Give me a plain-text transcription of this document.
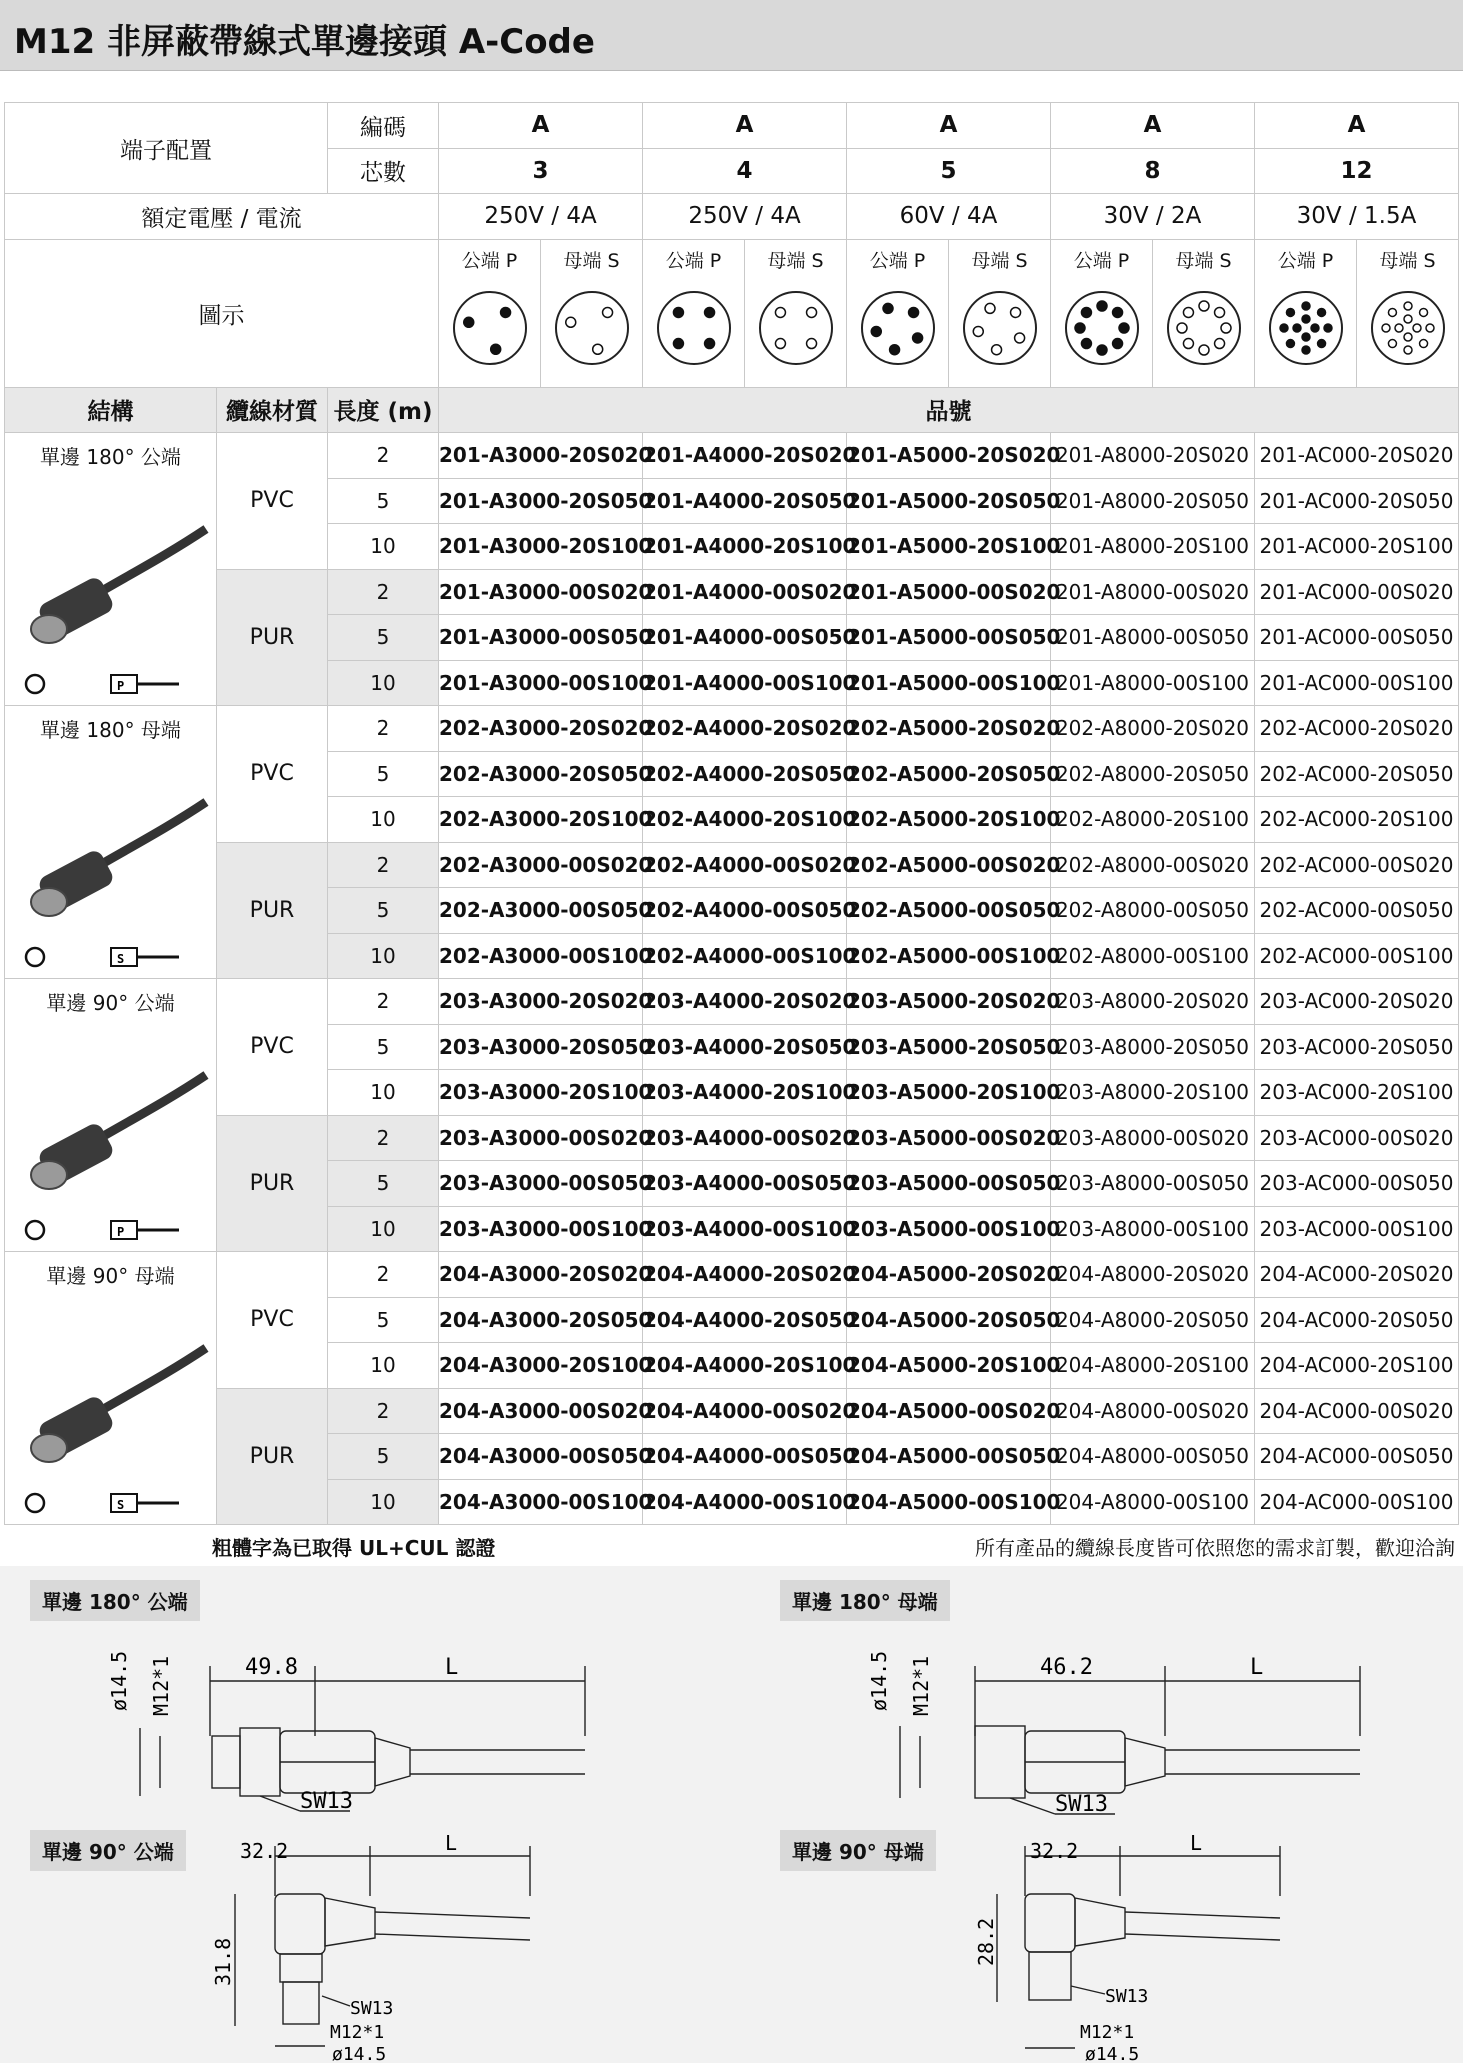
M12 非屏蔽帶線式單邊接頭 A-Code
端子配置		編碼	A		A		A		A		A	
		芯數	3		4		5		8		12	
額定電壓 / 電流			250V / 4A		250V / 4A		60V / 4A		30V / 2A		30V / 1.5A	
圖示			公端 P	母端 S	公端 P	母端 S	公端 P	母端 S	公端 P	母端 S	公端 P	母端 S

結構	纜線材質	長度 (m)	品號									

單邊 180° 公端
P	PVC	2	201-A3000-20S020		201-A4000-20S020		201-A5000-20S020		201-A8000-20S020		201-AC000-20S020	
		5	201-A3000-20S050		201-A4000-20S050		201-A5000-20S050		201-A8000-20S050		201-AC000-20S050	
		10	201-A3000-20S100		201-A4000-20S100		201-A5000-20S100		201-A8000-20S100		201-AC000-20S100	
	PUR	2	201-A3000-00S020		201-A4000-00S020		201-A5000-00S020		201-A8000-00S020		201-AC000-00S020	
		5	201-A3000-00S050		201-A4000-00S050		201-A5000-00S050		201-A8000-00S050		201-AC000-00S050	
		10	201-A3000-00S100		201-A4000-00S100		201-A5000-00S100		201-A8000-00S100		201-AC000-00S100	

單邊 180° 母端
S	PVC	2	202-A3000-20S020		202-A4000-20S020		202-A5000-20S020		202-A8000-20S020		202-AC000-20S020	
		5	202-A3000-20S050		202-A4000-20S050		202-A5000-20S050		202-A8000-20S050		202-AC000-20S050	
		10	202-A3000-20S100		202-A4000-20S100		202-A5000-20S100		202-A8000-20S100		202-AC000-20S100	
	PUR	2	202-A3000-00S020		202-A4000-00S020		202-A5000-00S020		202-A8000-00S020		202-AC000-00S020	
		5	202-A3000-00S050		202-A4000-00S050		202-A5000-00S050		202-A8000-00S050		202-AC000-00S050	
		10	202-A3000-00S100		202-A4000-00S100		202-A5000-00S100		202-A8000-00S100		202-AC000-00S100	

單邊 90° 公端
P	PVC	2	203-A3000-20S020		203-A4000-20S020		203-A5000-20S020		203-A8000-20S020		203-AC000-20S020	
		5	203-A3000-20S050		203-A4000-20S050		203-A5000-20S050		203-A8000-20S050		203-AC000-20S050	
		10	203-A3000-20S100		203-A4000-20S100		203-A5000-20S100		203-A8000-20S100		203-AC000-20S100	
	PUR	2	203-A3000-00S020		203-A4000-00S020		203-A5000-00S020		203-A8000-00S020		203-AC000-00S020	
		5	203-A3000-00S050		203-A4000-00S050		203-A5000-00S050		203-A8000-00S050		203-AC000-00S050	
		10	203-A3000-00S100		203-A4000-00S100		203-A5000-00S100		203-A8000-00S100		203-AC000-00S100	

單邊 90° 母端
S	PVC	2	204-A3000-20S020		204-A4000-20S020		204-A5000-20S020		204-A8000-20S020		204-AC000-20S020	
		5	204-A3000-20S050		204-A4000-20S050		204-A5000-20S050		204-A8000-20S050		204-AC000-20S050	
		10	204-A3000-20S100		204-A4000-20S100		204-A5000-20S100		204-A8000-20S100		204-AC000-20S100	
	PUR	2	204-A3000-00S020		204-A4000-00S020		204-A5000-00S020		204-A8000-00S020		204-AC000-00S020	
		5	204-A3000-00S050		204-A4000-00S050		204-A5000-00S050		204-A8000-00S050		204-AC000-00S050	
		10	204-A3000-00S100		204-A4000-00S100		204-A5000-00S100		204-A8000-00S100		204-AC000-00S100	
粗體字為已取得 UL+CUL 認證	所有產品的纜線長度皆可依照您的需求訂製，歡迎洽詢
單邊 180° 公端	單邊 180° 母端
單邊 90° 公端	單邊 90° 母端
ø14.5 M12*1	49.8	L
SW13
ø14.5 M12*1	46.2	L
SW13
32.2	L
31.8
SW13
M12*1
ø14.5
32.2	L
28.2
SW13
M12*1
ø14.5
